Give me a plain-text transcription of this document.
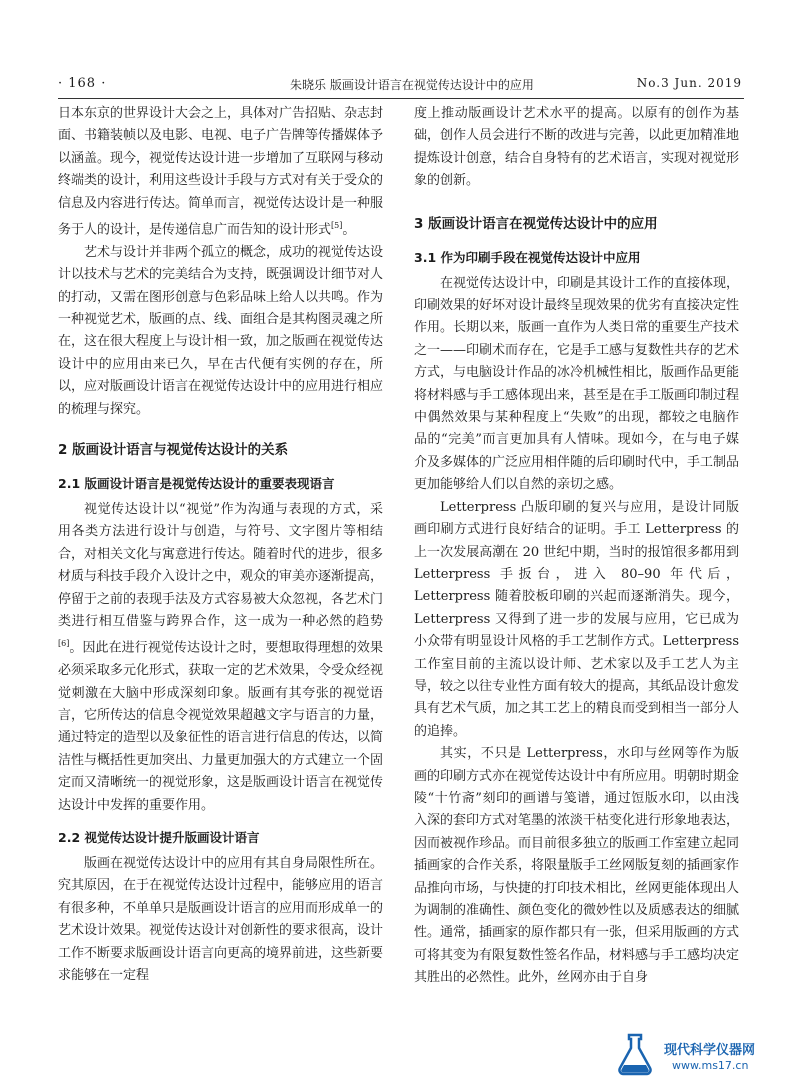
· 168 ·	朱晓乐 版画设计语言在视觉传达设计中的应用	No.3 Jun. 2019

日本东京的世界设计大会之上，具体对广告招贴、杂志封面、书籍装帧以及电影、电视、电子广告牌等传播媒体予以涵盖。现今，视觉传达设计进一步增加了互联网与移动终端类的设计，利用这些设计手段与方式对有关于受众的信息及内容进行传达。简单而言，视觉传达设计是一种服务于人的设计，是传递信息广而告知的设计形式[5]。

艺术与设计并非两个孤立的概念，成功的视觉传达设计以技术与艺术的完美结合为支持，既强调设计细节对人的打动，又需在图形创意与色彩品味上给人以共鸣。作为一种视觉艺术，版画的点、线、面组合是其构图灵魂之所在，这在很大程度上与设计相一致，加之版画在视觉传达设计中的应用由来已久，早在古代便有实例的存在，所以，应对版画设计语言在视觉传达设计中的应用进行相应的梳理与探究。

2 版画设计语言与视觉传达设计的关系
2.1 版画设计语言是视觉传达设计的重要表现语言

视觉传达设计以“视觉”作为沟通与表现的方式，采用各类方法进行设计与创造，与符号、文字图片等相结合，对相关文化与寓意进行传达。随着时代的进步，很多材质与科技手段介入设计之中，观众的审美亦逐渐提高，停留于之前的表现手法及方式容易被大众忽视，各艺术门类进行相互借鉴与跨界合作，这一成为一种必然的趋势[6]。因此在进行视觉传达设计之时，要想取得理想的效果必须采取多元化形式，获取一定的艺术效果，令受众经视觉刺激在大脑中形成深刻印象。版画有其夸张的视觉语言，它所传达的信息令视觉效果超越文字与语言的力量，通过特定的造型以及象征性的语言进行信息的传达，以简洁性与概括性更加突出、力量更加强大的方式建立一个固定而又清晰统一的视觉形象，这是版画设计语言在视觉传达设计中发挥的重要作用。

2.2 视觉传达设计提升版画设计语言

版画在视觉传达设计中的应用有其自身局限性所在。究其原因，在于在视觉传达设计过程中，能够应用的语言有很多种，不单单只是版画设计语言的应用而形成单一的艺术设计效果。视觉传达设计对创新性的要求很高，设计工作不断要求版画设计语言向更高的境界前进，这些新要求能够在一定程

度上推动版画设计艺术水平的提高。以原有的创作为基础，创作人员会进行不断的改进与完善，以此更加精准地提炼设计创意，结合自身特有的艺术语言，实现对视觉形象的创新。

3 版画设计语言在视觉传达设计中的应用
3.1 作为印刷手段在视觉传达设计中应用

在视觉传达设计中，印刷是其设计工作的直接体现，印刷效果的好坏对设计最终呈现效果的优劣有直接决定性作用。长期以来，版画一直作为人类日常的重要生产技术之一——印刷术而存在，它是手工感与复数性共存的艺术方式，与电脑设计作品的冰冷机械性相比，版画作品更能将材料感与手工感体现出来，甚至是在手工版画印制过程中偶然效果与某种程度上“失败”的出现，都较之电脑作品的“完美”而言更加具有人情味。现如今，在与电子媒介及多媒体的广泛应用相伴随的后印刷时代中，手工制品更加能够给人们以自然的亲切之感。

Letterpress 凸版印刷的复兴与应用，是设计同版画印刷方式进行良好结合的证明。手工 Letterpress 的上一次发展高潮在 20 世纪中期，当时的报馆很多都用到 Letterpress 手扳台，进入 80–90 年代后，Letterpress 随着胶板印刷的兴起而逐渐消失。现今，Letterpress 又得到了进一步的发展与应用，它已成为小众带有明显设计风格的手工艺制作方式。Letterpress 工作室目前的主流以设计师、艺术家以及手工艺人为主导，较之以往专业性方面有较大的提高，其纸品设计愈发具有艺术气质，加之其工艺上的精良而受到相当一部分人的追捧。

其实，不只是 Letterpress，水印与丝网等作为版画的印刷方式亦在视觉传达设计中有所应用。明朝时期金陵“十竹斋”刻印的画谱与笺谱，通过饾版水印，以由浅入深的套印方式对笔墨的浓淡干枯变化进行形象地表达，因而被视作珍品。而目前很多独立的版画工作室建立起同插画家的合作关系，将限量版手工丝网版复刻的插画家作品推向市场，与快捷的打印技术相比，丝网更能体现出人为调制的准确性、颜色变化的微妙性以及质感表达的细腻性。通常，插画家的原作都只有一张，但采用版画的方式可将其变为有限复数性签名作品，材料感与手工感均决定其胜出的必然性。此外，丝网亦由于自身

现代科学仪器网
www.ms17.cn
